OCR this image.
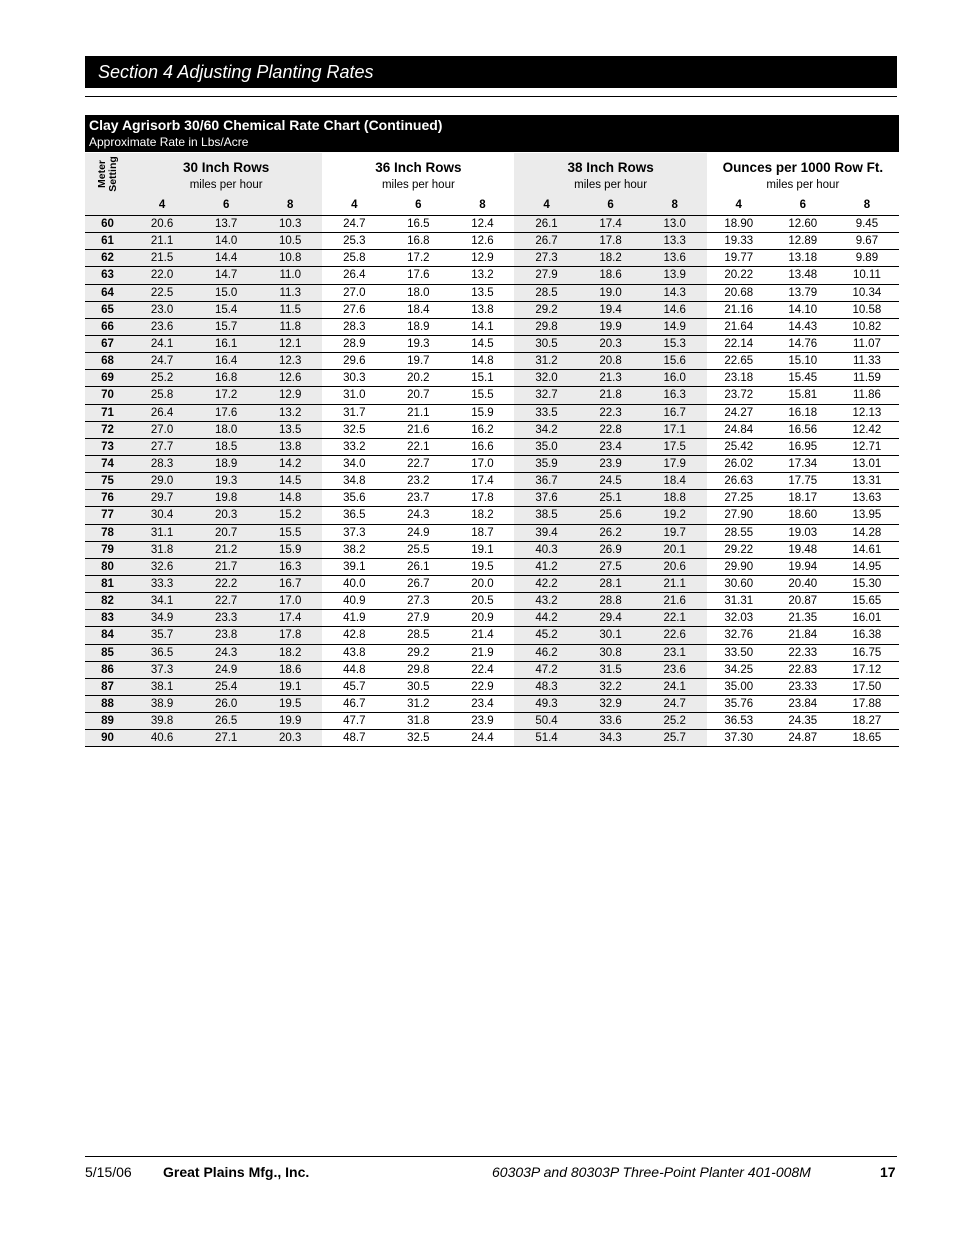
Section 4 Adjusting Planting Rates
Clay Agrisorb 30/60 Chemical Rate Chart (Continued)
Approximate Rate in Lbs/Acre
Meter
Setting	30 Inch Rows			36 Inch Rows			38 Inch Rows			Ounces per 1000 Row Ft.		
	miles per hour			miles per hour			miles per hour			miles per hour		
	4	6	8	4	6	8	4	6	8	4	6	8
60	20.6	13.7	10.3	24.7	16.5	12.4	26.1	17.4	13.0	18.90	12.60	9.45
61	21.1	14.0	10.5	25.3	16.8	12.6	26.7	17.8	13.3	19.33	12.89	9.67
62	21.5	14.4	10.8	25.8	17.2	12.9	27.3	18.2	13.6	19.77	13.18	9.89
63	22.0	14.7	11.0	26.4	17.6	13.2	27.9	18.6	13.9	20.22	13.48	10.11
64	22.5	15.0	11.3	27.0	18.0	13.5	28.5	19.0	14.3	20.68	13.79	10.34
65	23.0	15.4	11.5	27.6	18.4	13.8	29.2	19.4	14.6	21.16	14.10	10.58
66	23.6	15.7	11.8	28.3	18.9	14.1	29.8	19.9	14.9	21.64	14.43	10.82
67	24.1	16.1	12.1	28.9	19.3	14.5	30.5	20.3	15.3	22.14	14.76	11.07
68	24.7	16.4	12.3	29.6	19.7	14.8	31.2	20.8	15.6	22.65	15.10	11.33
69	25.2	16.8	12.6	30.3	20.2	15.1	32.0	21.3	16.0	23.18	15.45	11.59
70	25.8	17.2	12.9	31.0	20.7	15.5	32.7	21.8	16.3	23.72	15.81	11.86
71	26.4	17.6	13.2	31.7	21.1	15.9	33.5	22.3	16.7	24.27	16.18	12.13
72	27.0	18.0	13.5	32.5	21.6	16.2	34.2	22.8	17.1	24.84	16.56	12.42
73	27.7	18.5	13.8	33.2	22.1	16.6	35.0	23.4	17.5	25.42	16.95	12.71
74	28.3	18.9	14.2	34.0	22.7	17.0	35.9	23.9	17.9	26.02	17.34	13.01
75	29.0	19.3	14.5	34.8	23.2	17.4	36.7	24.5	18.4	26.63	17.75	13.31
76	29.7	19.8	14.8	35.6	23.7	17.8	37.6	25.1	18.8	27.25	18.17	13.63
77	30.4	20.3	15.2	36.5	24.3	18.2	38.5	25.6	19.2	27.90	18.60	13.95
78	31.1	20.7	15.5	37.3	24.9	18.7	39.4	26.2	19.7	28.55	19.03	14.28
79	31.8	21.2	15.9	38.2	25.5	19.1	40.3	26.9	20.1	29.22	19.48	14.61
80	32.6	21.7	16.3	39.1	26.1	19.5	41.2	27.5	20.6	29.90	19.94	14.95
81	33.3	22.2	16.7	40.0	26.7	20.0	42.2	28.1	21.1	30.60	20.40	15.30
82	34.1	22.7	17.0	40.9	27.3	20.5	43.2	28.8	21.6	31.31	20.87	15.65
83	34.9	23.3	17.4	41.9	27.9	20.9	44.2	29.4	22.1	32.03	21.35	16.01
84	35.7	23.8	17.8	42.8	28.5	21.4	45.2	30.1	22.6	32.76	21.84	16.38
85	36.5	24.3	18.2	43.8	29.2	21.9	46.2	30.8	23.1	33.50	22.33	16.75
86	37.3	24.9	18.6	44.8	29.8	22.4	47.2	31.5	23.6	34.25	22.83	17.12
87	38.1	25.4	19.1	45.7	30.5	22.9	48.3	32.2	24.1	35.00	23.33	17.50
88	38.9	26.0	19.5	46.7	31.2	23.4	49.3	32.9	24.7	35.76	23.84	17.88
89	39.8	26.5	19.9	47.7	31.8	23.9	50.4	33.6	25.2	36.53	24.35	18.27
90	40.6	27.1	20.3	48.7	32.5	24.4	51.4	34.3	25.7	37.30	24.87	18.65
5/15/06 Great Plains Mfg., Inc.	60303P and 80303P Three-Point Planter 401-008M	17
